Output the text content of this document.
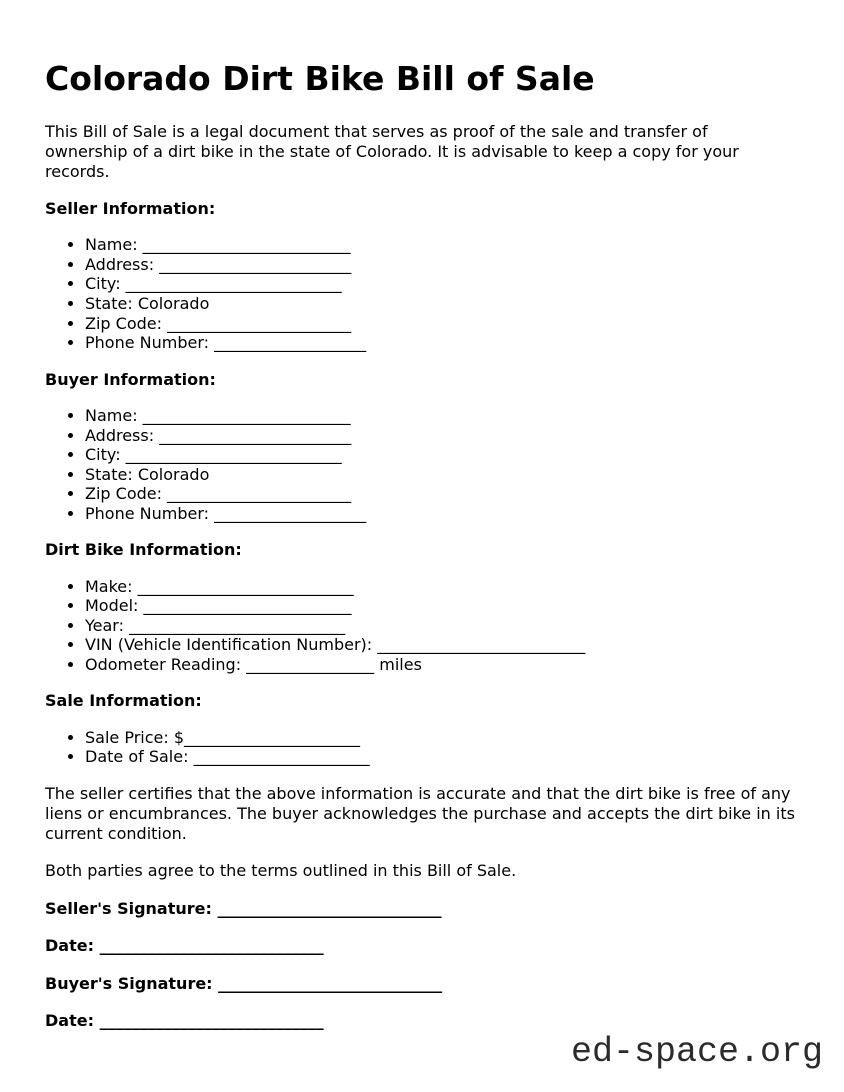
Colorado Dirt Bike Bill of Sale

This Bill of Sale is a legal document that serves as proof of the sale and transfer of ownership of a dirt bike in the state of Colorado. It is advisable to keep a copy for your records.

Seller Information:

• Name: __________________________
• Address: ________________________
• City: ___________________________
• State: Colorado
• Zip Code: _______________________
• Phone Number: ___________________

Buyer Information:

• Name: __________________________
• Address: ________________________
• City: ___________________________
• State: Colorado
• Zip Code: _______________________
• Phone Number: ___________________

Dirt Bike Information:

• Make: ___________________________
• Model: __________________________
• Year: ___________________________
• VIN (Vehicle Identification Number): __________________________
• Odometer Reading: ________________ miles

Sale Information:

• Sale Price: $______________________
• Date of Sale: ______________________

The seller certifies that the above information is accurate and that the dirt bike is free of any liens or encumbrances. The buyer acknowledges the purchase and accepts the dirt bike in its current condition.

Both parties agree to the terms outlined in this Bill of Sale.

Seller's Signature: ____________________________

Date: ____________________________

Buyer's Signature: ____________________________

Date: ____________________________

ed-space.org
